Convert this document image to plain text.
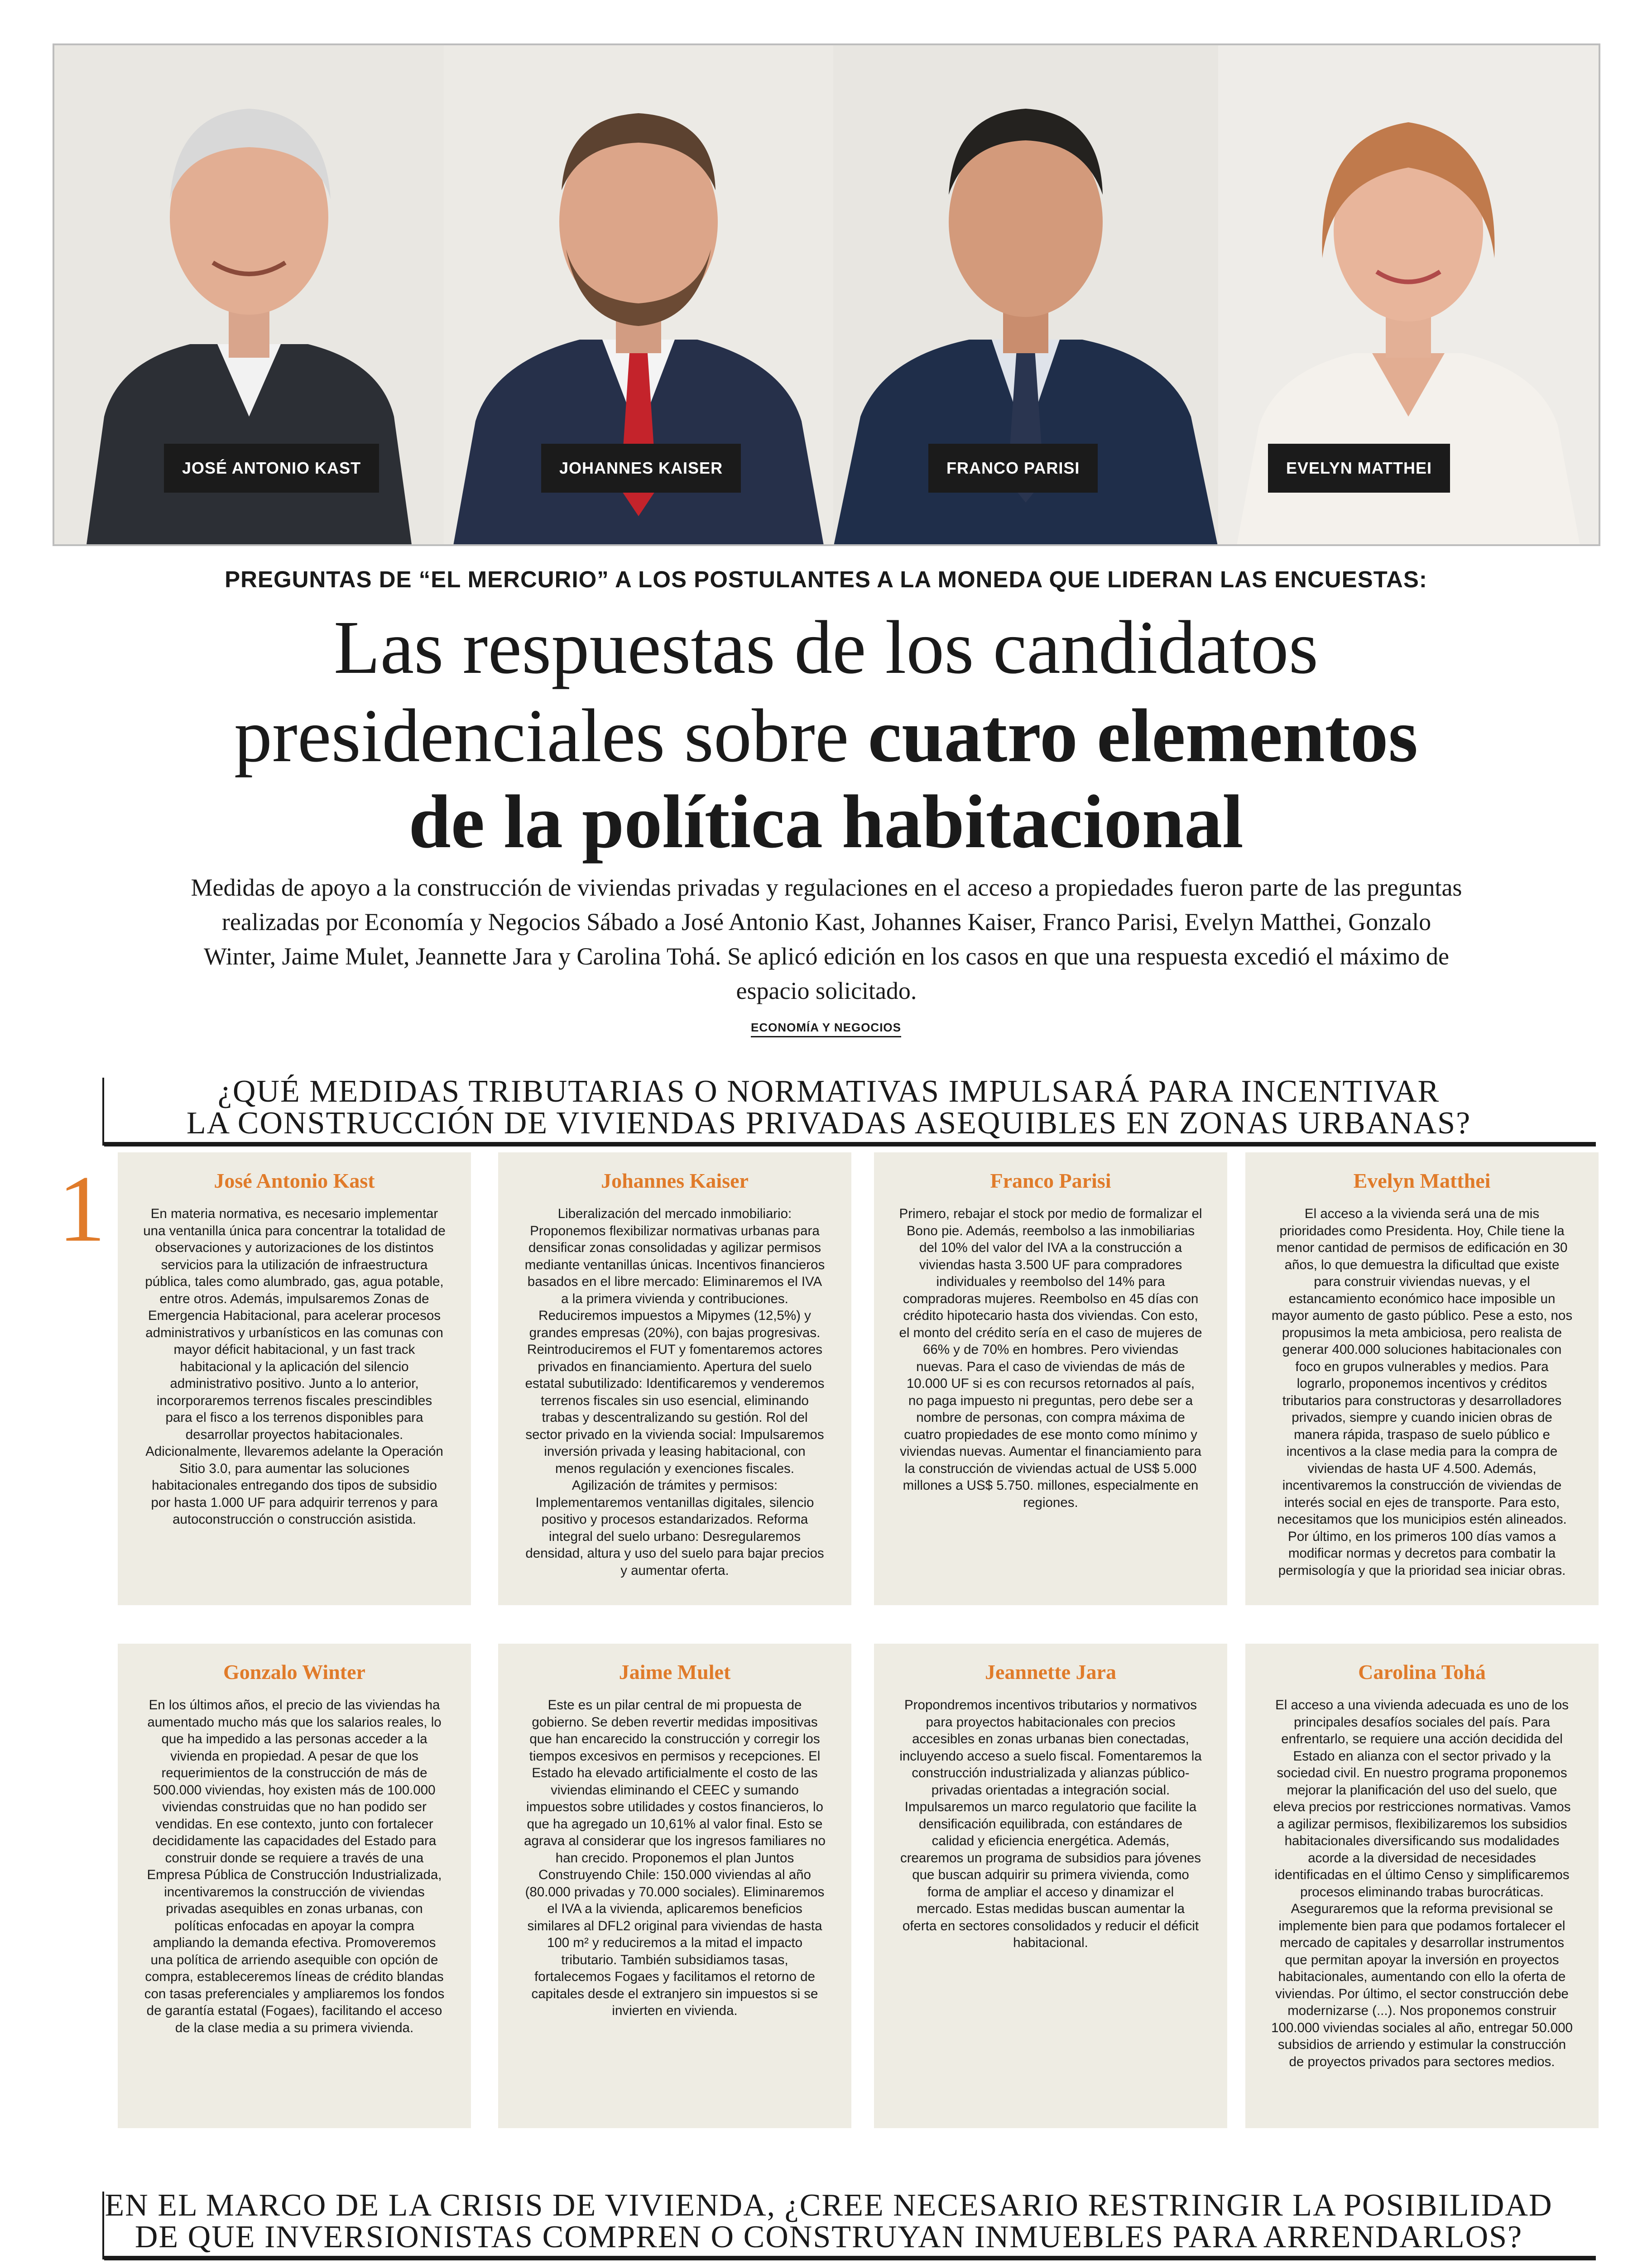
JOSÉ ANTONIO KAST	JOHANNES KAISER	FRANCO PARISI	EVELYN MATTHEI
PREGUNTAS DE “EL MERCURIO” A LOS POSTULANTES A LA MONEDA QUE LIDERAN LAS ENCUESTAS:
Las respuestas de los candidatos
presidenciales sobre cuatro elementos
de la política habitacional
Medidas de apoyo a la construcción de viviendas privadas y regulaciones en el acceso a propiedades fueron parte de las preguntas realizadas por Economía y Negocios Sábado a José Antonio Kast, Johannes Kaiser, Franco Parisi, Evelyn Matthei, Gonzalo Winter, Jaime Mulet, Jeannette Jara y Carolina Tohá. Se aplicó edición en los casos en que una respuesta excedió el máximo de espacio solicitado.
ECONOMÍA Y NEGOCIOS
¿QUÉ MEDIDAS TRIBUTARIAS O NORMATIVAS IMPULSARÁ PARA INCENTIVAR
LA CONSTRUCCIÓN DE VIVIENDAS PRIVADAS ASEQUIBLES EN ZONAS URBANAS?
1	José Antonio Kast

En materia normativa, es necesario implementar una ventanilla única para concentrar la totalidad de observaciones y autorizaciones de los distintos servicios para la utilización de infraestructura pública, tales como alumbrado, gas, agua potable, entre otros. Además, impulsaremos Zonas de Emergencia Habitacional, para acelerar procesos administrativos y urbanísticos en las comunas con mayor déficit habitacional, y un fast track habitacional y la aplicación del silencio administrativo positivo. Junto a lo anterior, incorporaremos terrenos fiscales prescindibles para el fisco a los terrenos disponibles para desarrollar proyectos habitacionales. Adicionalmente, llevaremos adelante la Operación Sitio 3.0, para aumentar las soluciones habitacionales entregando dos tipos de subsidio por hasta 1.000 UF para adquirir terrenos y para autoconstrucción o construcción asistida.

Johannes Kaiser

Liberalización del mercado inmobiliario: Proponemos flexibilizar normativas urbanas para densificar zonas consolidadas y agilizar permisos mediante ventanillas únicas. Incentivos financieros basados en el libre mercado: Eliminaremos el IVA a la primera vivienda y contribuciones. Reduciremos impuestos a Mipymes (12,5%) y grandes empresas (20%), con bajas progresivas. Reintroduciremos el FUT y fomentaremos actores privados en financiamiento. Apertura del suelo estatal subutilizado: Identificaremos y venderemos terrenos fiscales sin uso esencial, eliminando trabas y descentralizando su gestión. Rol del sector privado en la vivienda social: Impulsaremos inversión privada y leasing habitacional, con menos regulación y exenciones fiscales. Agilización de trámites y permisos: Implementaremos ventanillas digitales, silencio positivo y procesos estandarizados. Reforma integral del suelo urbano: Desregularemos densidad, altura y uso del suelo para bajar precios y aumentar oferta.

Franco Parisi

Primero, rebajar el stock por medio de formalizar el Bono pie. Además, reembolso a las inmobiliarias del 10% del valor del IVA a la construcción a viviendas hasta 3.500 UF para compradores individuales y reembolso del 14% para compradoras mujeres. Reembolso en 45 días con crédito hipotecario hasta dos viviendas. Con esto, el monto del crédito sería en el caso de mujeres de 66% y de 70% en hombres. Pero viviendas nuevas. Para el caso de viviendas de más de 10.000 UF si es con recursos retornados al país, no paga impuesto ni preguntas, pero debe ser a nombre de personas, con compra máxima de cuatro propiedades de ese monto como mínimo y viviendas nuevas. Aumentar el financiamiento para la construcción de viviendas actual de US$ 5.000 millones a US$ 5.750. millones, especialmente en regiones.

Evelyn Matthei

El acceso a la vivienda será una de mis prioridades como Presidenta. Hoy, Chile tiene la menor cantidad de permisos de edificación en 30 años, lo que demuestra la dificultad que existe para construir viviendas nuevas, y el estancamiento económico hace imposible un mayor aumento de gasto público. Pese a esto, nos propusimos la meta ambiciosa, pero realista de generar 400.000 soluciones habitacionales con foco en grupos vulnerables y medios. Para lograrlo, proponemos incentivos y créditos tributarios para constructoras y desarrolladores privados, siempre y cuando inicien obras de manera rápida, traspaso de suelo público e incentivos a la clase media para la compra de viviendas de hasta UF 4.500. Además, incentivaremos la construcción de viviendas de interés social en ejes de transporte. Para esto, necesitamos que los municipios estén alineados. Por último, en los primeros 100 días vamos a modificar normas y decretos para combatir la permisología y que la prioridad sea iniciar obras.

Gonzalo Winter

En los últimos años, el precio de las viviendas ha aumentado mucho más que los salarios reales, lo que ha impedido a las personas acceder a la vivienda en propiedad. A pesar de que los requerimientos de la construcción de más de 500.000 viviendas, hoy existen más de 100.000 viviendas construidas que no han podido ser vendidas. En ese contexto, junto con fortalecer decididamente las capacidades del Estado para construir donde se requiere a través de una Empresa Pública de Construcción Industrializada, incentivaremos la construcción de viviendas privadas asequibles en zonas urbanas, con políticas enfocadas en apoyar la compra ampliando la demanda efectiva. Promoveremos una política de arriendo asequible con opción de compra, estableceremos líneas de crédito blandas con tasas preferenciales y ampliaremos los fondos de garantía estatal (Fogaes), facilitando el acceso de la clase media a su primera vivienda.

Jaime Mulet

Este es un pilar central de mi propuesta de gobierno. Se deben revertir medidas impositivas que han encarecido la construcción y corregir los tiempos excesivos en permisos y recepciones. El Estado ha elevado artificialmente el costo de las viviendas eliminando el CEEC y sumando impuestos sobre utilidades y costos financieros, lo que ha agregado un 10,61% al valor final. Esto se agrava al considerar que los ingresos familiares no han crecido. Proponemos el plan Juntos Construyendo Chile: 150.000 viviendas al año (80.000 privadas y 70.000 sociales). Eliminaremos el IVA a la vivienda, aplicaremos beneficios similares al DFL2 original para viviendas de hasta 100 m² y reduciremos a la mitad el impacto tributario. También subsidiamos tasas, fortalecemos Fogaes y facilitamos el retorno de capitales desde el extranjero sin impuestos si se invierten en vivienda.

Jeannette Jara

Propondremos incentivos tributarios y normativos para proyectos habitacionales con precios accesibles en zonas urbanas bien conectadas, incluyendo acceso a suelo fiscal. Fomentaremos la construcción industrializada y alianzas público-privadas orientadas a integración social. Impulsaremos un marco regulatorio que facilite la densificación equilibrada, con estándares de calidad y eficiencia energética. Además, crearemos un programa de subsidios para jóvenes que buscan adquirir su primera vivienda, como forma de ampliar el acceso y dinamizar el mercado. Estas medidas buscan aumentar la oferta en sectores consolidados y reducir el déficit habitacional.

Carolina Tohá

El acceso a una vivienda adecuada es uno de los principales desafíos sociales del país. Para enfrentarlo, se requiere una acción decidida del Estado en alianza con el sector privado y la sociedad civil. En nuestro programa proponemos mejorar la planificación del uso del suelo, que eleva precios por restricciones normativas. Vamos a agilizar permisos, flexibilizaremos los subsidios habitacionales diversificando sus modalidades acorde a la diversidad de necesidades identificadas en el último Censo y simplificaremos procesos eliminando trabas burocráticas. Aseguraremos que la reforma previsional se implemente bien para que podamos fortalecer el mercado de capitales y desarrollar instrumentos que permitan apoyar la inversión en proyectos habitacionales, aumentando con ello la oferta de viviendas. Por último, el sector construcción debe modernizarse (...). Nos proponemos construir 100.000 viviendas sociales al año, entregar 50.000 subsidios de arriendo y estimular la construcción de proyectos privados para sectores medios.

EN EL MARCO DE LA CRISIS DE VIVIENDA, ¿CREE NECESARIO RESTRINGIR LA POSIBILIDAD
DE QUE INVERSIONISTAS COMPREN O CONSTRUYAN INMUEBLES PARA ARRENDARLOS?
